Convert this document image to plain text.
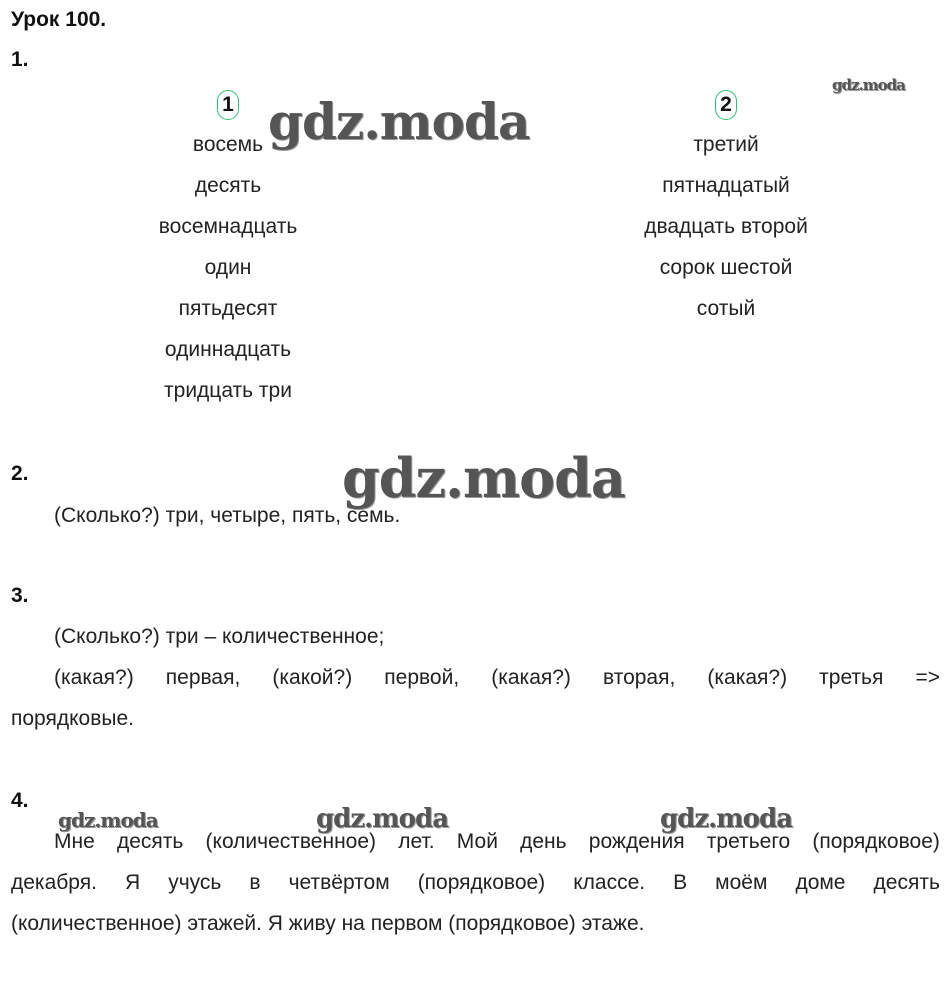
Урок 100.
1.
1
восемь
десять
восемнадцать
один
пятьдесят
одиннадцать
тридцать три
2
третий
пятнадцатый
двадцать второй
сорок шестой
сотый
2.
(Сколько?) три, четыре, пять, семь.
3.
(Сколько?) три – количественное;
(какая?) первая, (какой?) первой, (какая?) вторая, (какая?) третья =>
порядковые.
4.
Мне десять (количественное) лет. Мой день рождения третьего (порядковое)
декабря. Я учусь в четвёртом (порядковое) классе. В моём доме десять
(количественное) этажей. Я живу на первом (порядковое) этаже.
gdz.moda
gdz.moda
gdz.moda
gdz.moda	gdz.moda	gdz.moda
